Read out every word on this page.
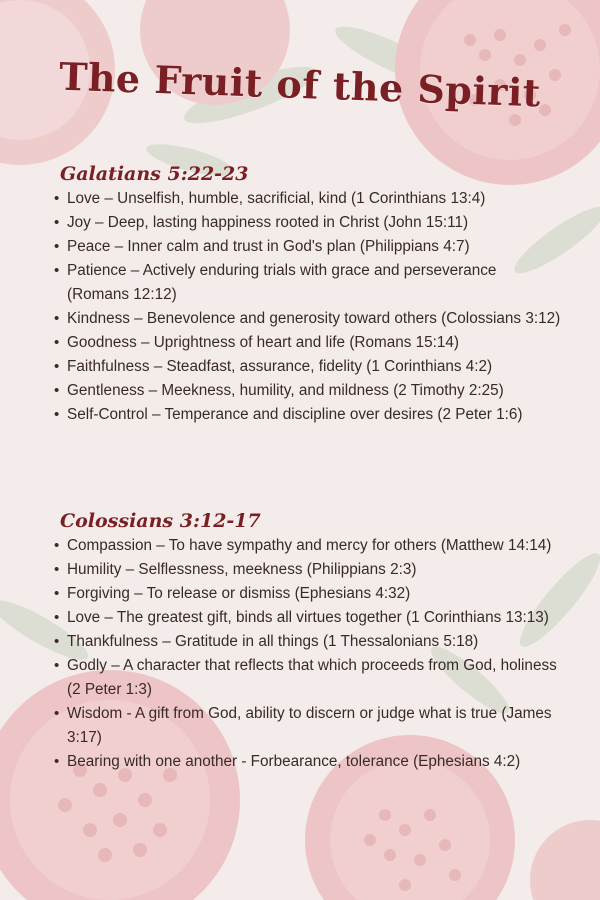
The Fruit of the Spirit
Galatians 5:22-23
• Love – Unselfish, humble, sacrificial, kind (1 Corinthians 13:4)
• Joy – Deep, lasting happiness rooted in Christ (John 15:11)
• Peace – Inner calm and trust in God's plan (Philippians 4:7)
• Patience – Actively enduring trials with grace and perseverance (Romans 12:12)
• Kindness – Benevolence and generosity toward others (Colossians 3:12)
• Goodness – Uprightness of heart and life (Romans 15:14)
• Faithfulness – Steadfast, assurance, fidelity (1 Corinthians 4:2)
• Gentleness – Meekness, humility, and mildness (2 Timothy 2:25)
• Self-Control – Temperance and discipline over desires (2 Peter 1:6)
Colossians 3:12-17
• Compassion – To have sympathy and mercy for others (Matthew 14:14)
• Humility – Selflessness, meekness (Philippians 2:3)
• Forgiving – To release or dismiss (Ephesians 4:32)
• Love – The greatest gift, binds all virtues together (1 Corinthians 13:13)
• Thankfulness – Gratitude in all things (1 Thessalonians 5:18)
• Godly – A character that reflects that which proceeds from God, holiness (2 Peter 1:3)
• Wisdom - A gift from God, ability to discern or judge what is true (James 3:17)
• Bearing with one another - Forbearance, tolerance (Ephesians 4:2)
